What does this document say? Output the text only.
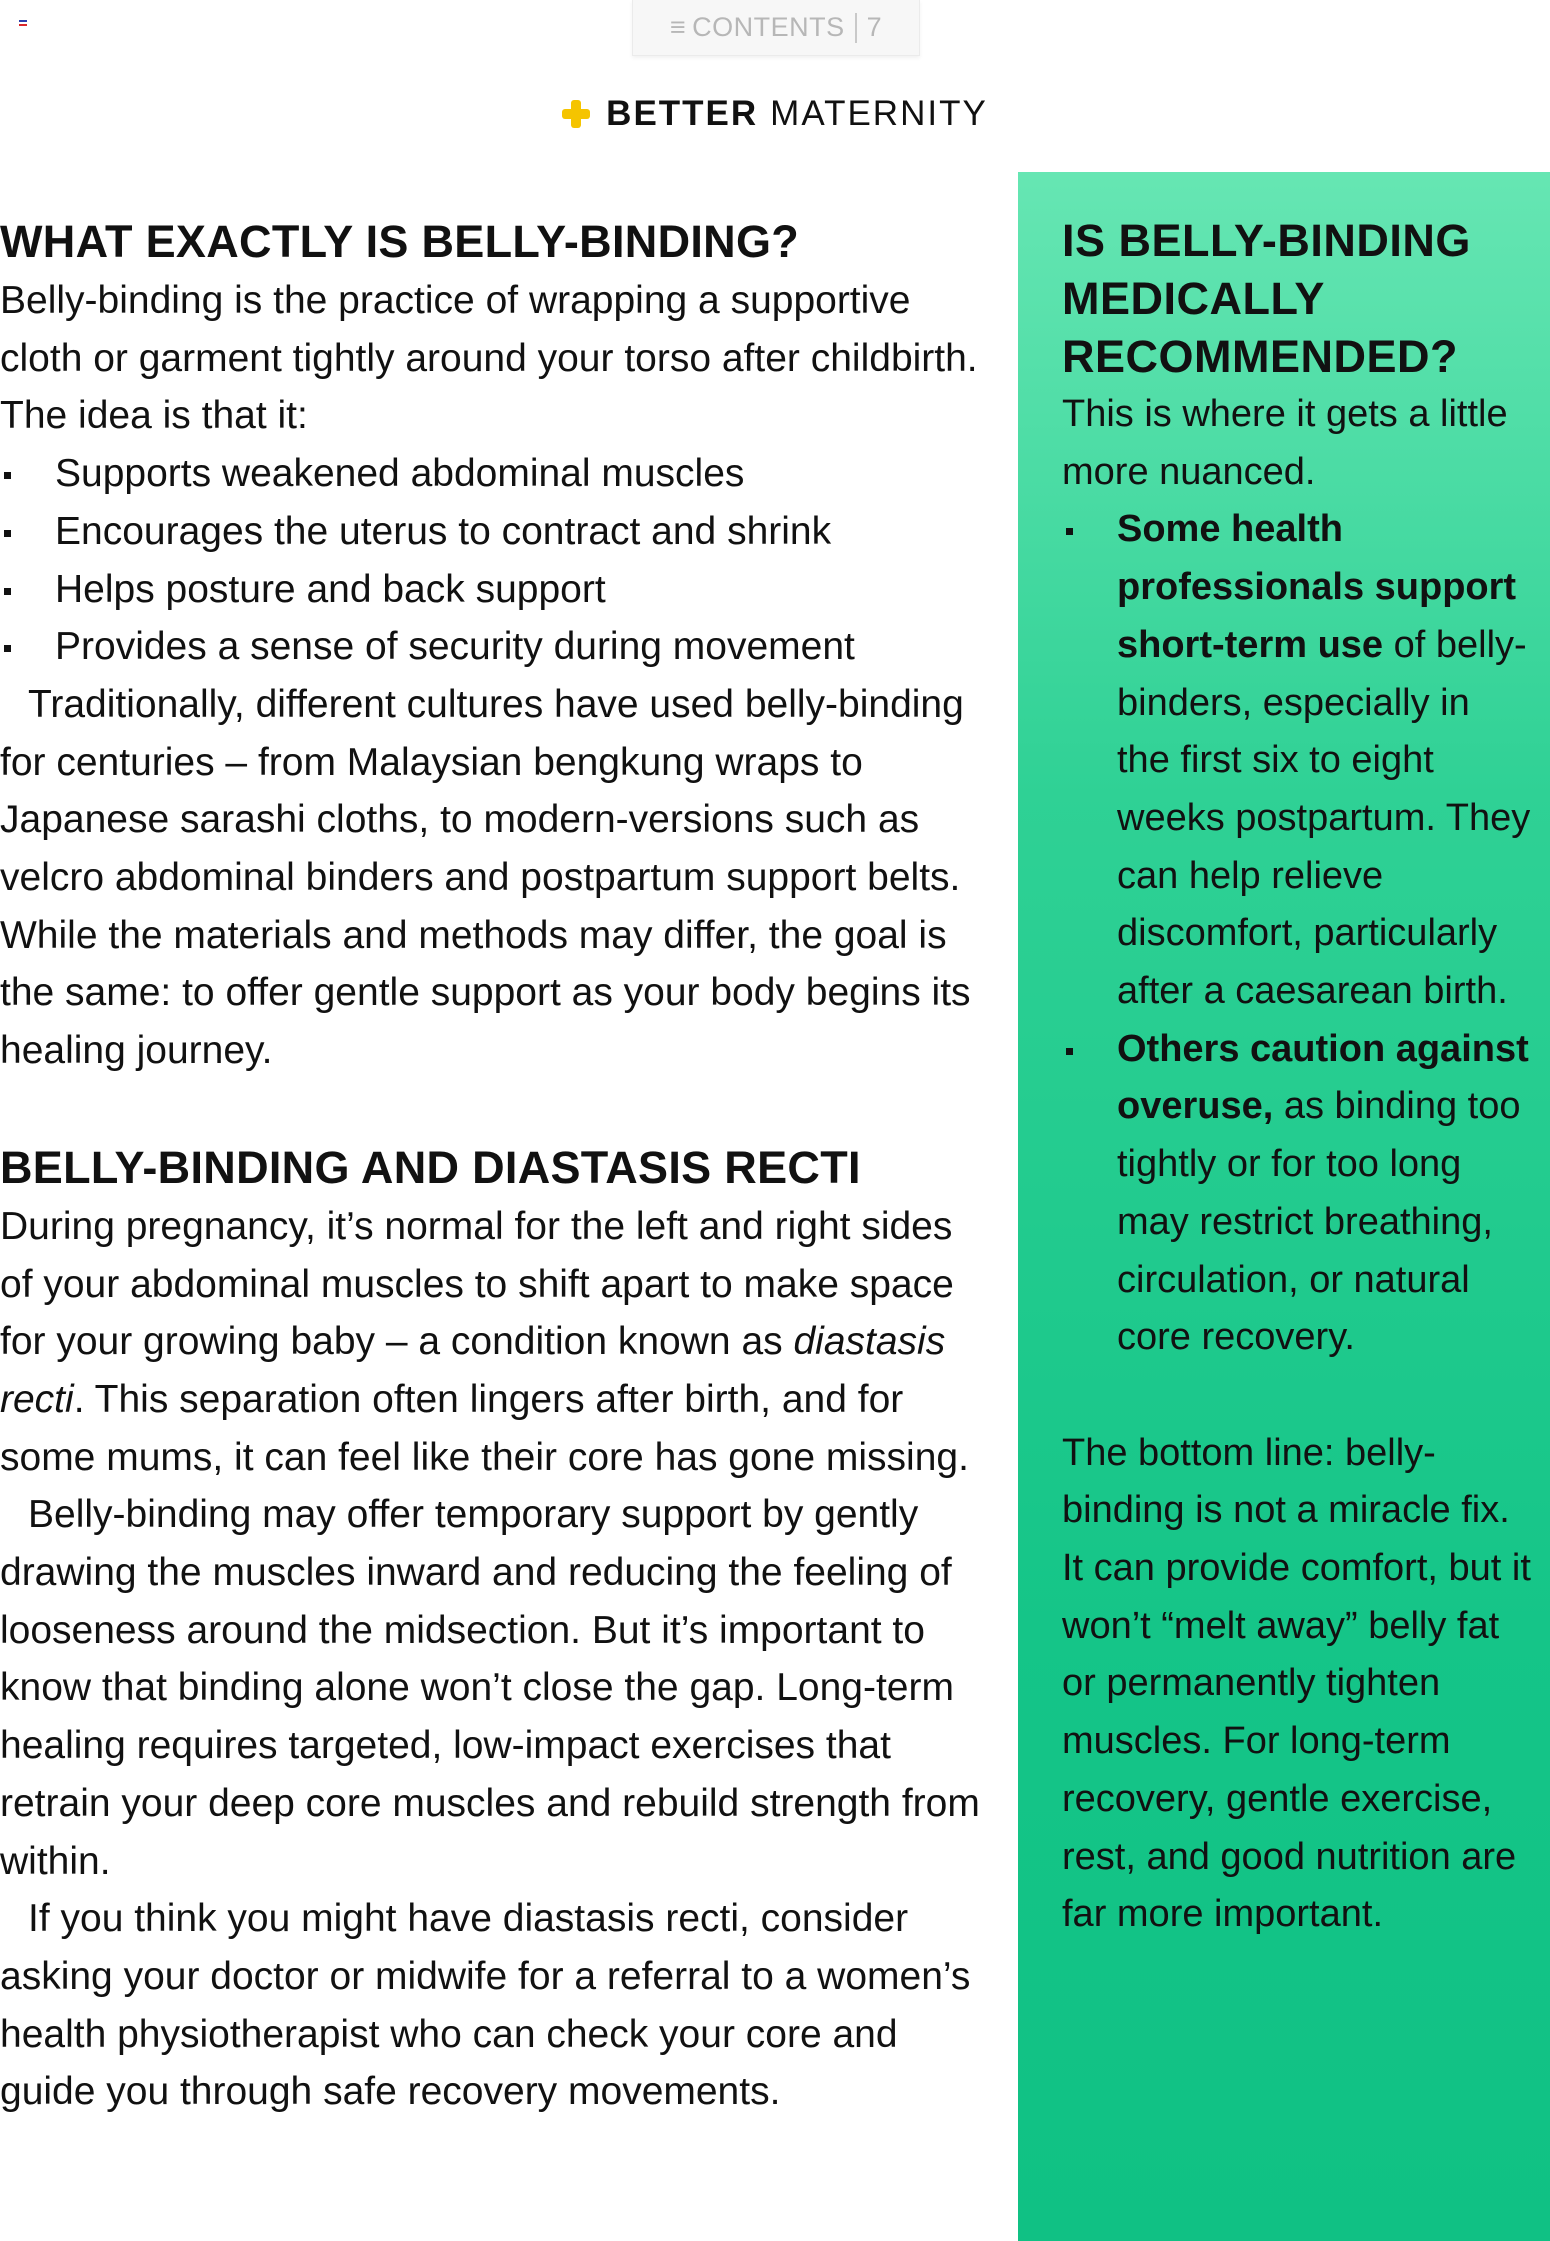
≡ CONTENTS 7
BETTER MATERNITY
WHAT EXACTLY IS BELLY-BINDING?

Belly-binding is the practice of wrapping a supportive cloth or garment tightly around your torso after childbirth. The idea is that it:

Supports weakened abdominal muscles
Encourages the uterus to contract and shrink
Helps posture and back support
Provides a sense of security during movement

Traditionally, different cultures have used belly-binding for centuries – from Malaysian bengkung wraps to Japanese sarashi cloths, to modern-versions such as velcro abdominal binders and postpartum support belts. While the materials and methods may differ, the goal is the same: to offer gentle support as your body begins its healing journey.

BELLY-BINDING AND DIASTASIS RECTI

During pregnancy, it’s normal for the left and right sides of your abdominal muscles to shift apart to make space for your growing baby – a condition known as diastasis recti. This separation often lingers after birth, and for some mums, it can feel like their core has gone missing.

Belly-binding may offer temporary support by gently drawing the muscles inward and reducing the feeling of looseness around the midsection. But it’s important to know that binding alone won’t close the gap. Long-term healing requires targeted, low-impact exercises that retrain your deep core muscles and rebuild strength from within.

If you think you might have diastasis recti, consider asking your doctor or midwife for a referral to a women’s health physiotherapist who can check your core and guide you through safe recovery movements.

IS BELLY-BINDING MEDICALLY RECOMMENDED?

This is where it gets a little more nuanced.

Some health professionals support short-term use of belly-binders, especially in the first six to eight weeks postpartum. They can help relieve discomfort, particularly after a caesarean birth.
Others caution against overuse, as binding too tightly or for too long may restrict breathing, circulation, or natural core recovery.

The bottom line: belly-binding is not a miracle fix. It can provide comfort, but it won’t “melt away” belly fat or permanently tighten muscles. For long-term recovery, gentle exercise, rest, and good nutrition are far more important.
